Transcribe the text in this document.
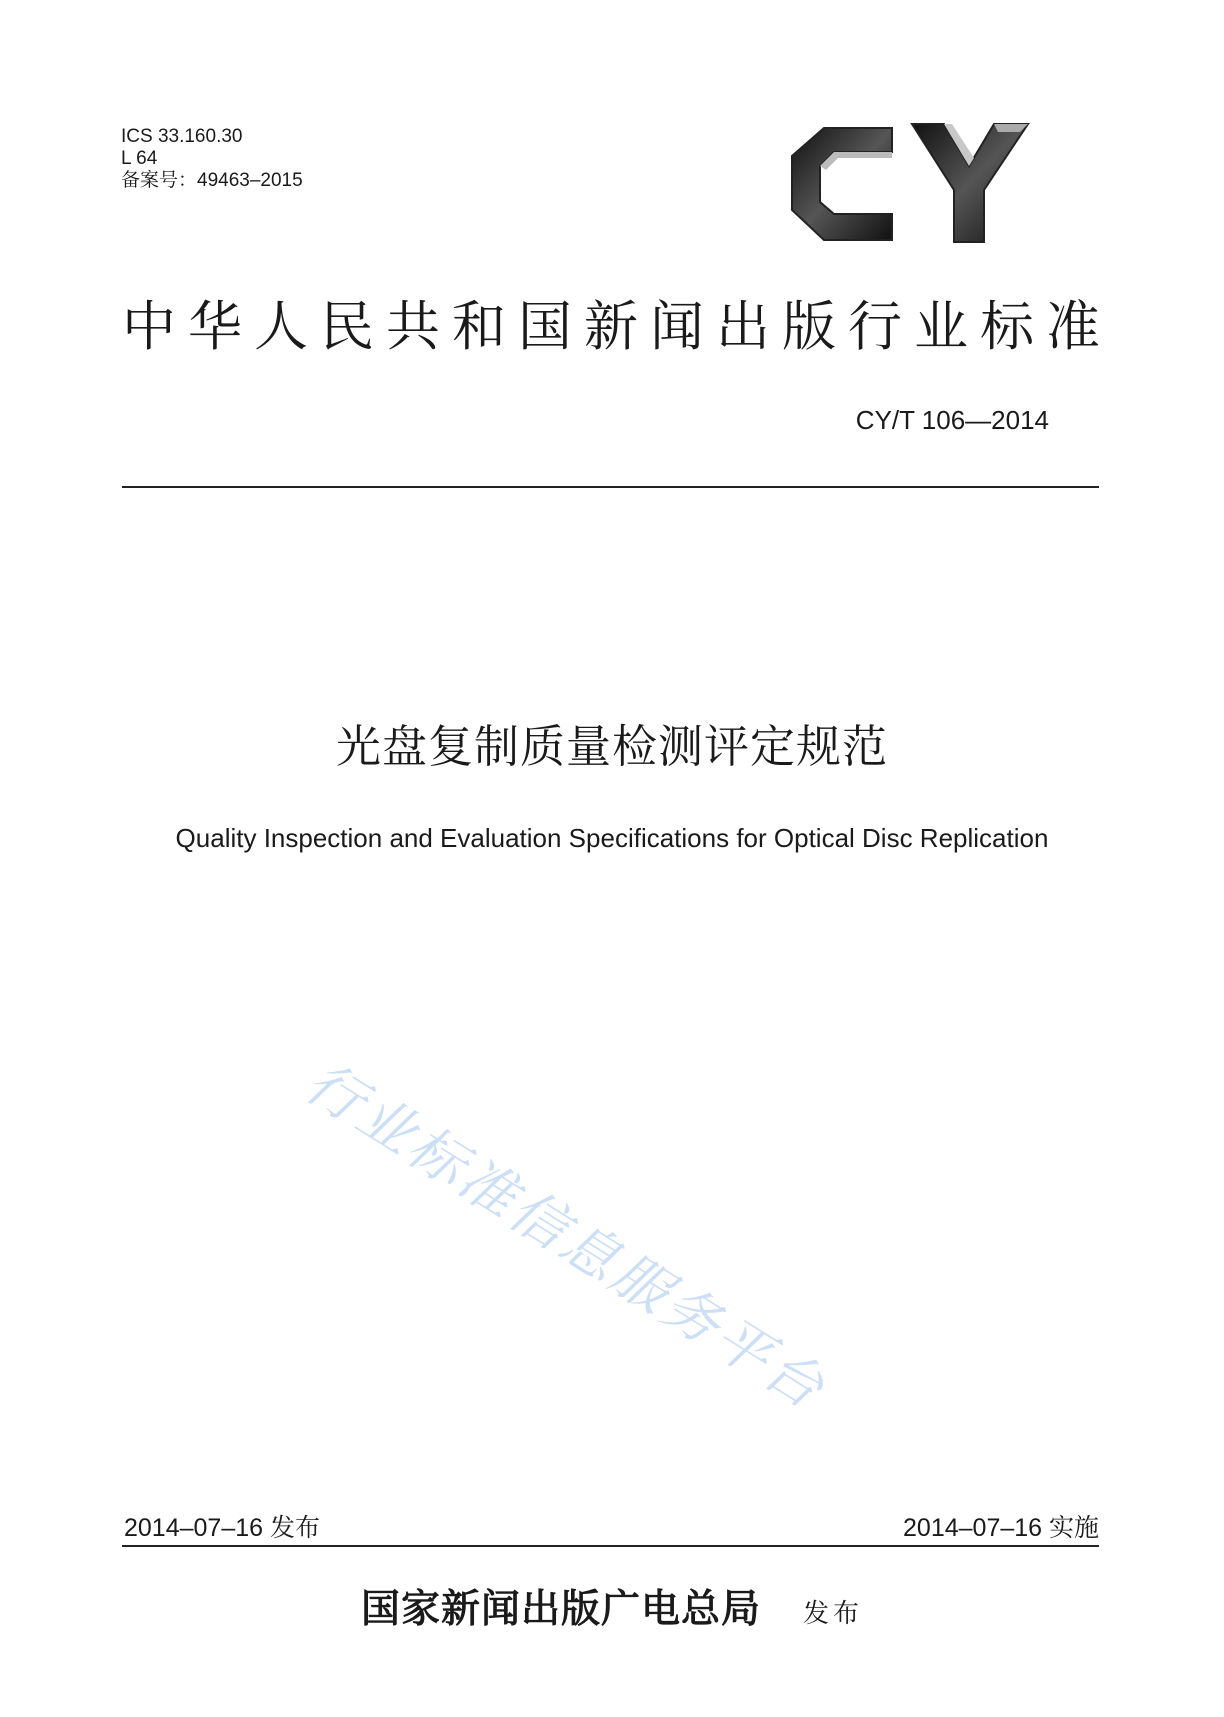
ICS 33.160.30
L 64
备案号：49463–2015
中华人民共和国新闻出版行业标准
CY/T 106—2014
光盘复制质量检测评定规范
Quality Inspection and Evaluation Specifications for Optical Disc Replication
行业标准信息服务平台
2014–07–16 发布	2014–07–16 实施
国家新闻出版广电总局 发布
